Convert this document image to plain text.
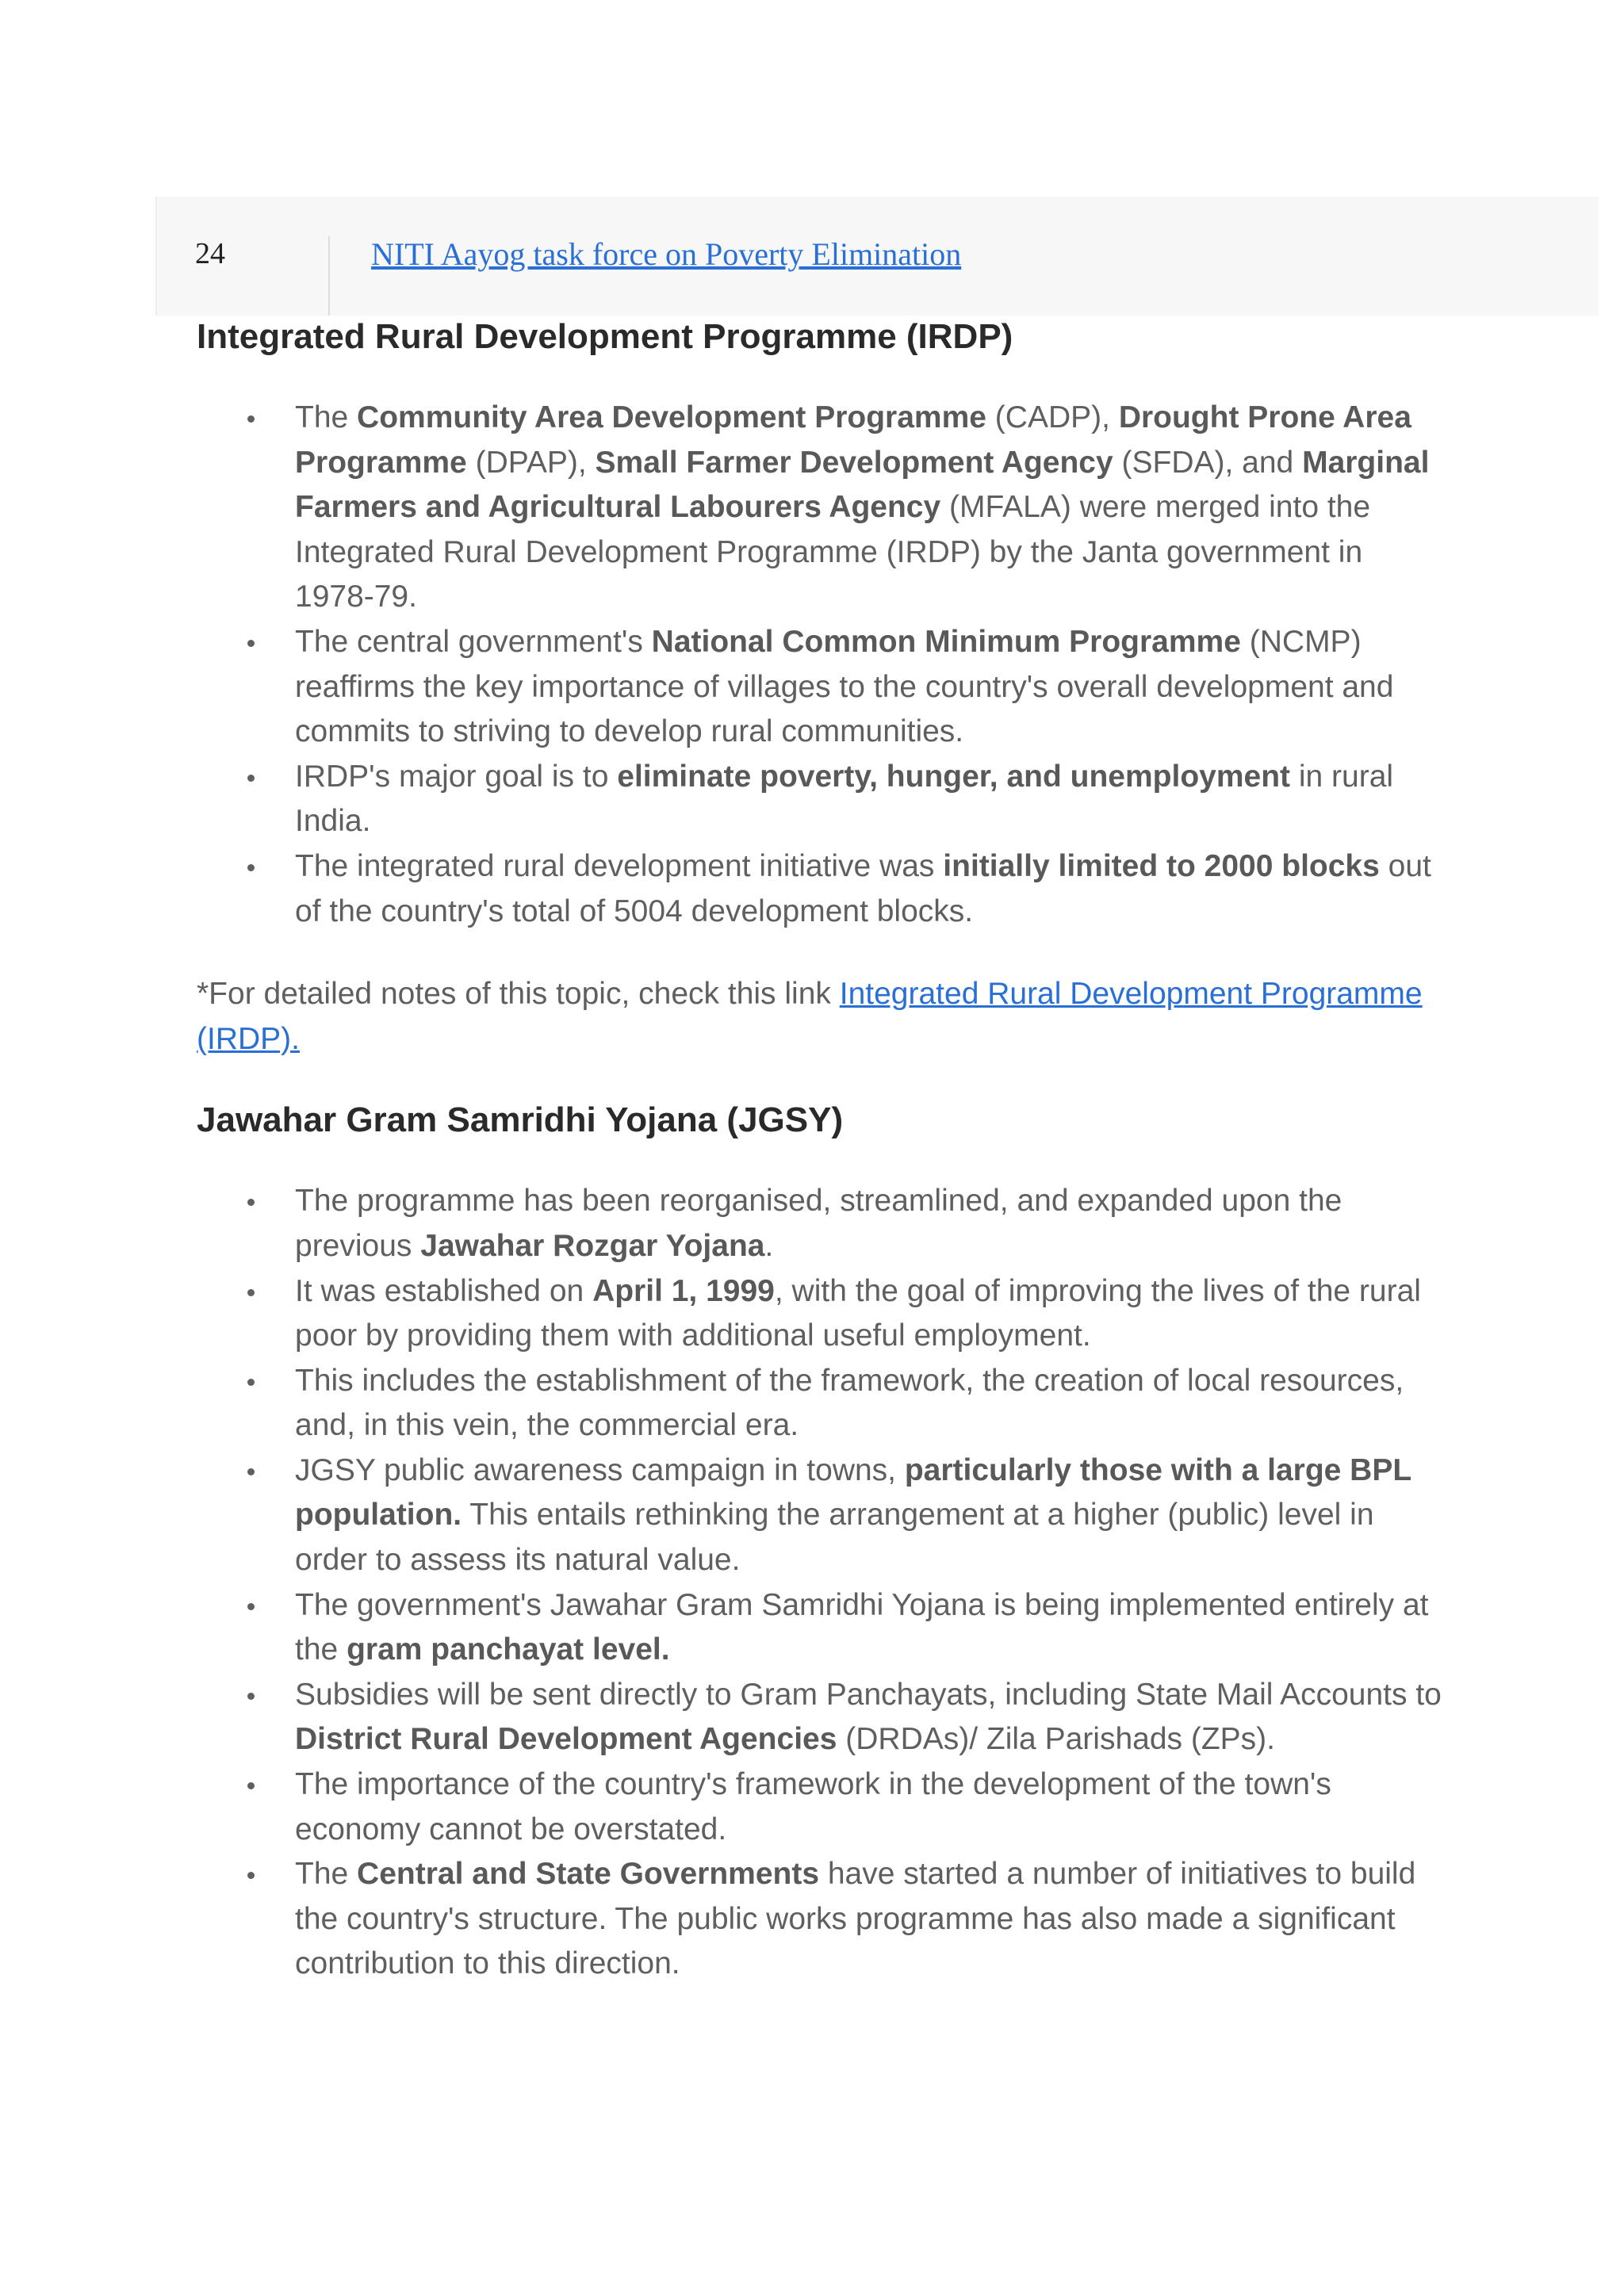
24	NITI Aayog task force on Poverty Elimination
Integrated Rural Development Programme (IRDP)
The Community Area Development Programme (CADP), Drought Prone Area Programme (DPAP), Small Farmer Development Agency (SFDA), and Marginal Farmers and Agricultural Labourers Agency (MFALA) were merged into the Integrated Rural Development Programme (IRDP) by the Janta government in 1978-79.
The central government's National Common Minimum Programme (NCMP) reaffirms the key importance of villages to the country's overall development and commits to striving to develop rural communities.
IRDP's major goal is to eliminate poverty, hunger, and unemployment in rural India.
The integrated rural development initiative was initially limited to 2000 blocks out of the country's total of 5004 development blocks.

*For detailed notes of this topic, check this link Integrated Rural Development Programme (IRDP).

Jawahar Gram Samridhi Yojana (JGSY)
The programme has been reorganised, streamlined, and expanded upon the previous Jawahar Rozgar Yojana.
It was established on April 1, 1999, with the goal of improving the lives of the rural poor by providing them with additional useful employment.
This includes the establishment of the framework, the creation of local resources, and, in this vein, the commercial era.
JGSY public awareness campaign in towns, particularly those with a large BPL population. This entails rethinking the arrangement at a higher (public) level in order to assess its natural value.
The government's Jawahar Gram Samridhi Yojana is being implemented entirely at the gram panchayat level.
Subsidies will be sent directly to Gram Panchayats, including State Mail Accounts to District Rural Development Agencies (DRDAs)/ Zila Parishads (ZPs).
The importance of the country's framework in the development of the town's economy cannot be overstated.
The Central and State Governments have started a number of initiatives to build the country's structure. The public works programme has also made a significant contribution to this direction.
